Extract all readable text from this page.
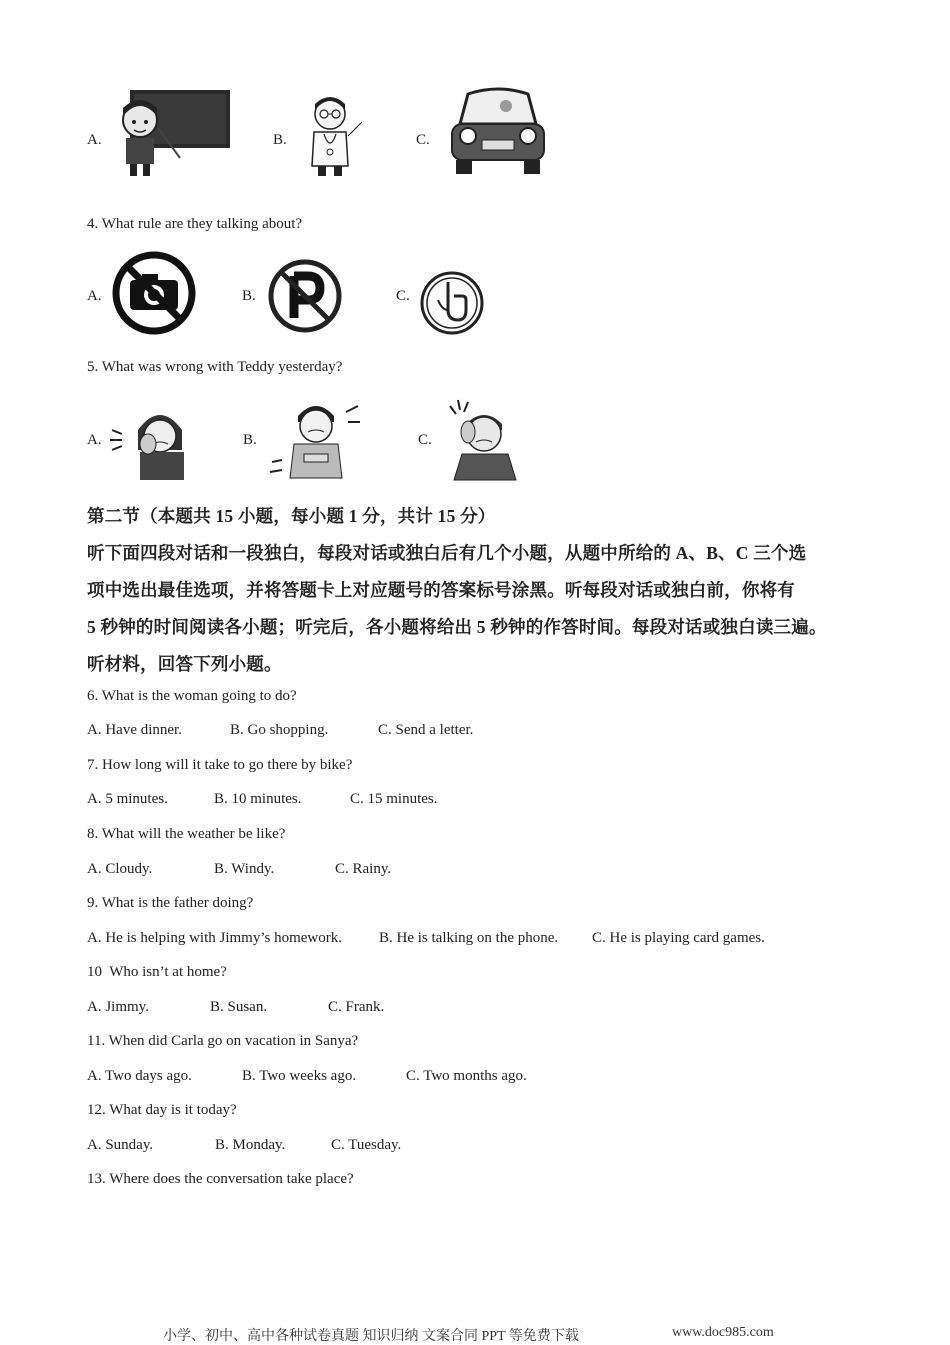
A.	B.	C.
4. What rule are they talking about?
A.	B.	C.
5. What was wrong with Teddy yesterday?
A.	B.	C.
第二节（本题共 15 小题，每小题 1 分，共计 15 分）
听下面四段对话和一段独白，每段对话或独白后有几个小题，从题中所给的 A、B、C 三个选
项中选出最佳选项，并将答题卡上对应题号的答案标号涂黑。听每段对话或独白前，你将有
5 秒钟的时间阅读各小题；听完后，各小题将给出 5 秒钟的作答时间。每段对话或独白读三遍。
听材料，回答下列小题。
6. What is the woman going to do?
A. Have dinner.	B. Go shopping.	C. Send a letter.
7. How long will it take to go there by bike?
A. 5 minutes.	B. 10 minutes.	C. 15 minutes.
8. What will the weather be like?
A. Cloudy.	B. Windy.	C. Rainy.
9. What is the father doing?
A. He is helping with Jimmy’s homework. B. He is talking on the phone. C. He is playing card games.
10  Who isn’t at home?
A. Jimmy.	B. Susan.	C. Frank.
11. When did Carla go on vacation in Sanya?
A. Two days ago.	B. Two weeks ago.	C. Two months ago.
12. What day is it today?
A. Sunday.	B. Monday.	C. Tuesday.
13. Where does the conversation take place?
小学、初中、高中各种试卷真题 知识归纳 文案合同 PPT 等免费下载	www.doc985.com
